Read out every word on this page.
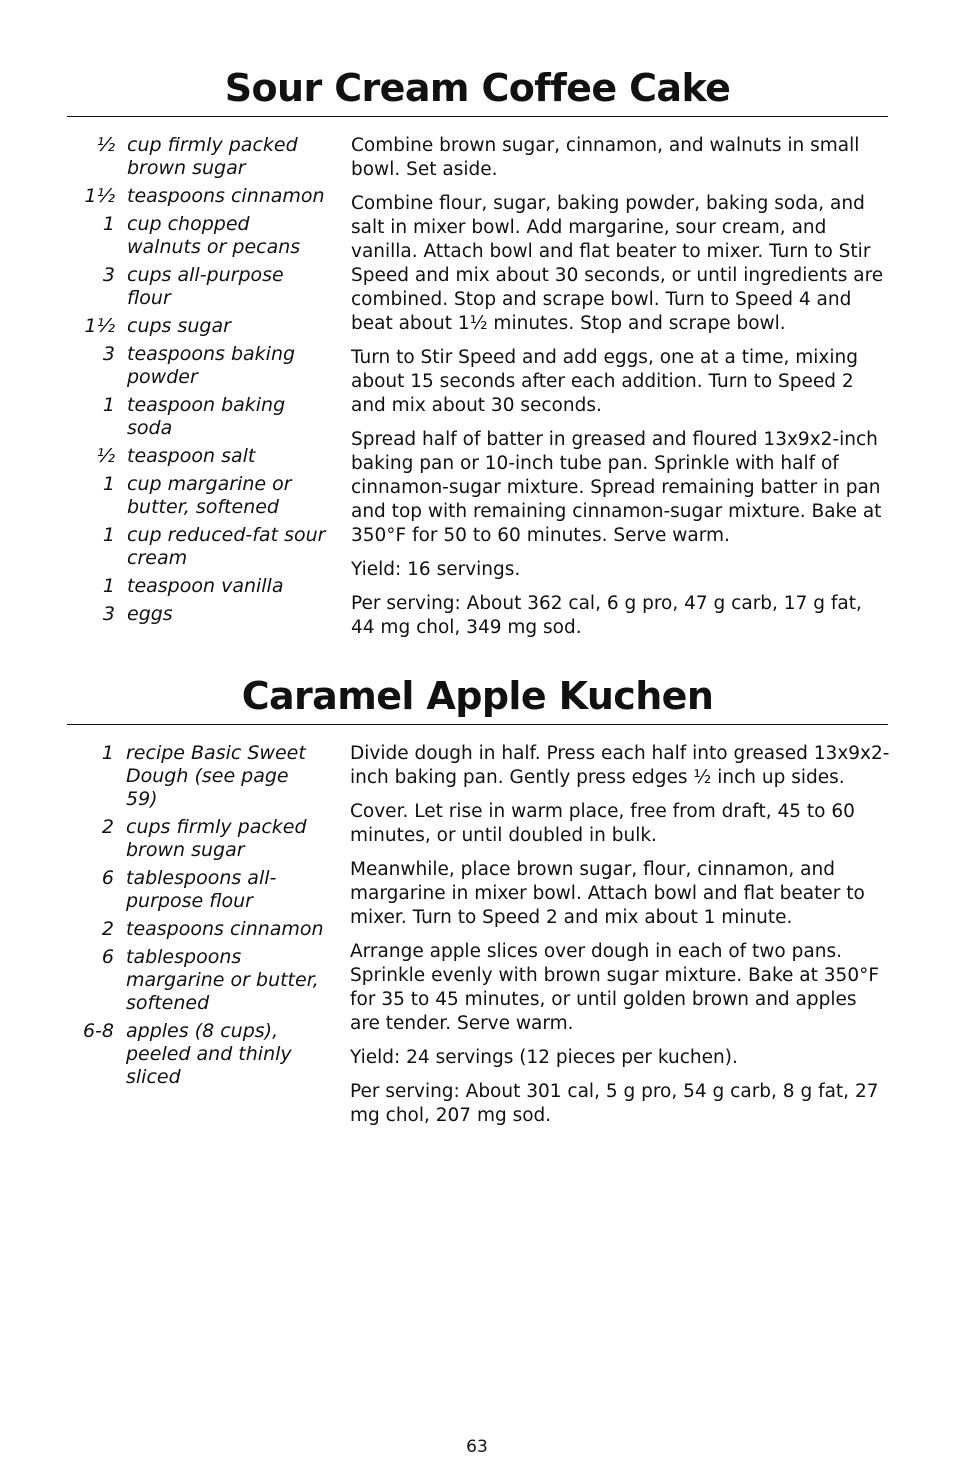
Sour Cream Coffee Cake
½ cup firmly packed brown sugar
1½ teaspoons cinnamon
1 cup chopped walnuts or pecans
3 cups all-purpose flour
1½ cups sugar
3 teaspoons baking powder
1 teaspoon baking soda
½ teaspoon salt
1 cup margarine or butter, softened
1 cup reduced-fat sour cream
1 teaspoon vanilla
3 eggs

Combine brown sugar, cinnamon, and walnuts in small bowl. Set aside.

Combine flour, sugar, baking powder, baking soda, and salt in mixer bowl. Add margarine, sour cream, and vanilla. Attach bowl and flat beater to mixer. Turn to Stir Speed and mix about 30 seconds, or until ingredients are combined. Stop and scrape bowl. Turn to Speed 4 and beat about 1½ minutes. Stop and scrape bowl.

Turn to Stir Speed and add eggs, one at a time, mixing about 15 seconds after each addition. Turn to Speed 2 and mix about 30 seconds.

Spread half of batter in greased and floured 13x9x2-inch baking pan or 10-inch tube pan. Sprinkle with half of cinnamon-sugar mixture. Spread remaining batter in pan and top with remaining cinnamon-sugar mixture. Bake at 350°F for 50 to 60 minutes. Serve warm.

Yield: 16 servings.

Per serving: About 362 cal, 6 g pro, 47 g carb, 17 g fat, 44 mg chol, 349 mg sod.

Caramel Apple Kuchen
1 recipe Basic Sweet Dough (see page 59)
2 cups firmly packed brown sugar
6 tablespoons all-purpose flour
2 teaspoons cinnamon
6 tablespoons margarine or butter, softened
6-8 apples (8 cups), peeled and thinly sliced

Divide dough in half. Press each half into greased 13x9x2-inch baking pan. Gently press edges ½ inch up sides.

Cover. Let rise in warm place, free from draft, 45 to 60 minutes, or until doubled in bulk.

Meanwhile, place brown sugar, flour, cinnamon, and margarine in mixer bowl. Attach bowl and flat beater to mixer. Turn to Speed 2 and mix about 1 minute.

Arrange apple slices over dough in each of two pans. Sprinkle evenly with brown sugar mixture. Bake at 350°F for 35 to 45 minutes, or until golden brown and apples are tender. Serve warm.

Yield: 24 servings (12 pieces per kuchen).

Per serving: About 301 cal, 5 g pro, 54 g carb, 8 g fat, 27 mg chol, 207 mg sod.

63
